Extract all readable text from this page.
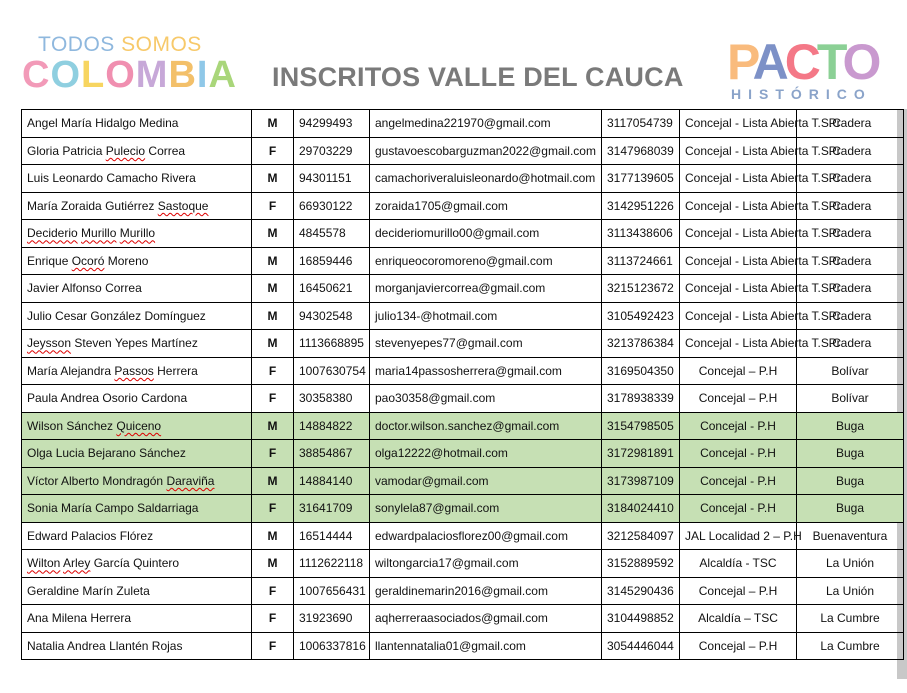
TODOS SOMOS
COLOMBIA INSCRITOS VALLE DEL CAUCA PACTO
HISTÓRICO
Angel María Hidalgo Medina	M	94299493	angelmedina221970@gmail.com	3117054739	Concejal - Lista Abierta T.S.C	Pradera
Gloria Patricia Pulecio Correa	F	29703229	gustavoescobarguzman2022@gmail.com	3147968039	Concejal - Lista Abierta T.S.C	Pradera
Luis Leonardo Camacho Rivera	M	94301151	camachoriveraluisleonardo@hotmail.com	3177139605	Concejal - Lista Abierta T.S.C	Pradera
María Zoraida Gutiérrez Sastoque	F	66930122	zoraida1705@gmail.com	3142951226	Concejal - Lista Abierta T.S.C	Pradera
Deciderio Murillo Murillo	M	4845578	decideriomurillo00@gmail.com	3113438606	Concejal - Lista Abierta T.S.C	Pradera
Enrique Ocoró Moreno	M	16859446	enriqueocoromoreno@gmail.com	3113724661	Concejal - Lista Abierta T.S.C	Pradera
Javier Alfonso Correa	M	16450621	morganjaviercorrea@gmail.com	3215123672	Concejal - Lista Abierta T.S.C	Pradera
Julio Cesar González Domínguez	M	94302548	julio134-@hotmail.com	3105492423	Concejal - Lista Abierta T.S.C	Pradera
Jeysson Steven Yepes Martínez	M	1113668895	stevenyepes77@gmail.com	3213786384	Concejal - Lista Abierta T.S.C	Pradera
María Alejandra Passos Herrera	F	1007630754	maria14passosherrera@gmail.com	3169504350	Concejal – P.H	Bolívar
Paula Andrea Osorio Cardona	F	30358380	pao30358@gmail.com	3178938339	Concejal – P.H	Bolívar
Wilson Sánchez Quiceno	M	14884822	doctor.wilson.sanchez@gmail.com	3154798505	Concejal - P.H	Buga
Olga Lucia Bejarano Sánchez	F	38854867	olga12222@hotmail.com	3172981891	Concejal - P.H	Buga
Víctor Alberto Mondragón Daraviña	M	14884140	vamodar@gmail.com	3173987109	Concejal - P.H	Buga
Sonia María Campo Saldarriaga	F	31641709	sonylela87@gmail.com	3184024410	Concejal - P.H	Buga
Edward Palacios Flórez	M	16514444	edwardpalaciosflorez00@gmail.com	3212584097	JAL Localidad 2 – P.H	Buenaventura
Wilton Arley García Quintero	M	1112622118	wiltongarcia17@gmail.com	3152889592	Alcaldía - TSC	La Unión
Geraldine Marín Zuleta	F	1007656431	geraldinemarin2016@gmail.com	3145290436	Concejal – P.H	La Unión
Ana Milena Herrera	F	31923690	aqherreraasociados@gmail.com	3104498852	Alcaldía – TSC	La Cumbre
Natalia Andrea Llantén Rojas	F	1006337816	llantennatalia01@gmail.com	3054446044	Concejal – P.H	La Cumbre
